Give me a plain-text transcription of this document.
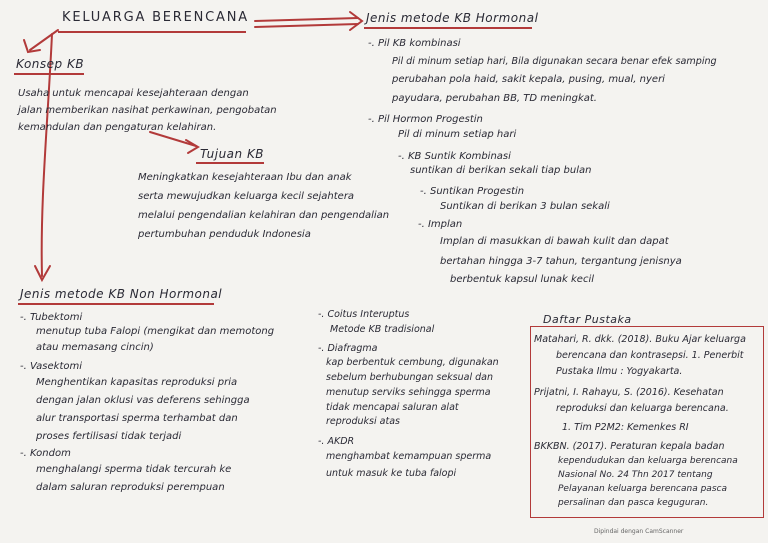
KELUARGA BERENCANA	Jenis metode KB Hormonal
-. Pil KB kombinasi
Pil di minum setiap hari, Bila digunakan secara benar efek samping
perubahan pola haid, sakit kepala, pusing, mual, nyeri
payudara, perubahan BB, TD meningkat.
-. Pil Hormon Progestin
Pil di minum setiap hari
-. KB Suntik Kombinasi
suntikan di berikan sekali tiap bulan
-. Suntikan Progestin
Suntikan di berikan 3 bulan sekali
-. Implan
Implan di masukkan di bawah kulit dan dapat
bertahan hingga 3-7 tahun, tergantung jenisnya
berbentuk kapsul lunak kecil
Konsep KB
Usaha untuk mencapai kesejahteraan dengan
jalan memberikan nasihat perkawinan, pengobatan
kemandulan dan pengaturan kelahiran.
Tujuan KB
Meningkatkan kesejahteraan Ibu dan anak
serta mewujudkan keluarga kecil sejahtera
melalui pengendalian kelahiran dan pengendalian
pertumbuhan penduduk Indonesia
Jenis metode KB Non Hormonal
-. Tubektomi
menutup tuba Falopi (mengikat dan memotong
atau memasang cincin)
-. Vasektomi
Menghentikan kapasitas reproduksi pria
dengan jalan oklusi vas deferens sehingga
alur transportasi sperma terhambat dan
proses fertilisasi tidak terjadi
-. Kondom
menghalangi sperma tidak tercurah ke
dalam saluran reproduksi perempuan
-. Coitus Interuptus
Metode KB tradisional
-. Diafragma
kap berbentuk cembung, digunakan
sebelum berhubungan seksual dan
menutup serviks sehingga sperma
tidak mencapai saluran alat
reproduksi atas
-. AKDR
menghambat kemampuan sperma
untuk masuk ke tuba falopi
Daftar Pustaka
Matahari, R. dkk. (2018). Buku Ajar keluarga
berencana dan kontrasepsi. 1. Penerbit
Pustaka Ilmu : Yogyakarta.
Prijatni, I. Rahayu, S. (2016). Kesehatan
reproduksi dan keluarga berencana.
1. Tim P2M2: Kemenkes RI
BKKBN. (2017). Peraturan kepala badan
kependudukan dan keluarga berencana
Nasional No. 24 Thn 2017 tentang
Pelayanan keluarga berencana pasca
persalinan dan pasca keguguran.
Dipindai dengan CamScanner
